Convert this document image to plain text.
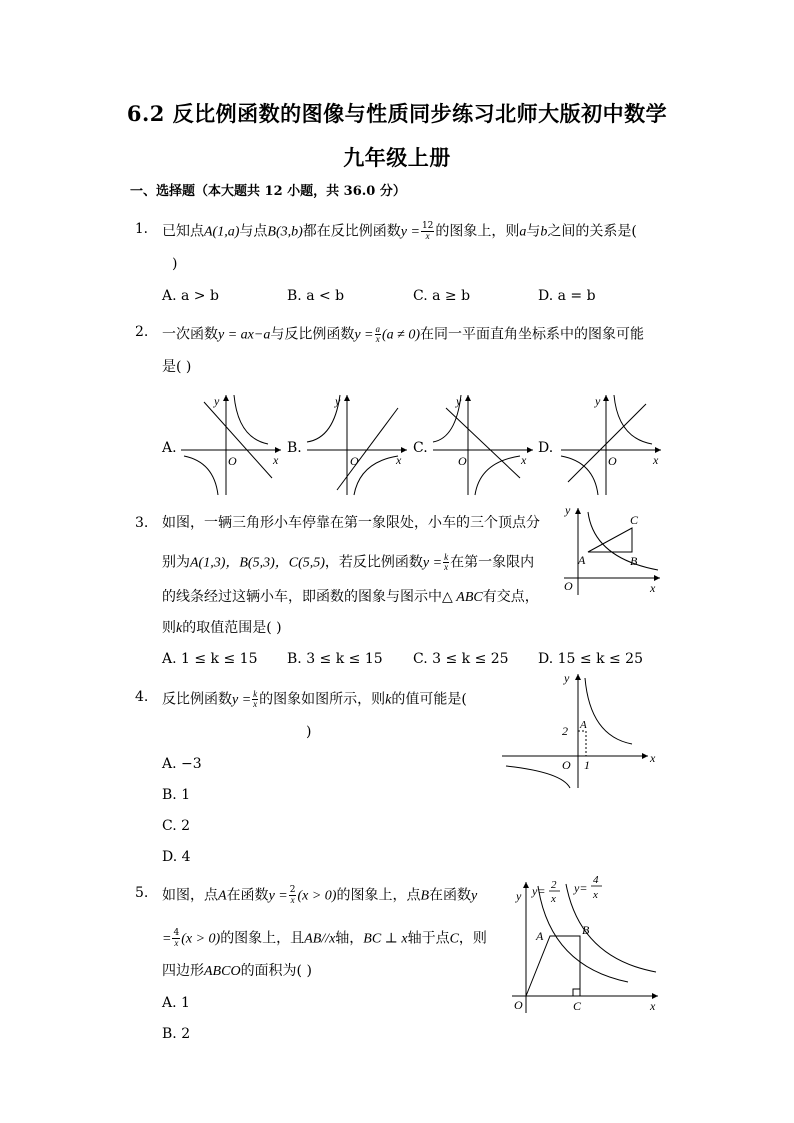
6.2 反比例函数的图像与性质同步练习北师大版初中数学
九年级上册
一、选择题（本大题共 12 小题，共 36.0 分）
1. 已知点A(1,a)与点B(3,b)都在反比例函数$y = \frac{12}{x}$ 的图象上，则a与b之间的关系是(
)
A. a > b	B. a < b	C. a ≥ b	D. a = b
2. 一次函数y = ax−a与反比例函数$y = \frac{a}{x} (a \ne 0)$在同一平面直角坐标系中的图象可能
是( )
A.	B.	C.	D.
y
x
O
y
x
O
y
x
O
y
x
O
3. 如图，一辆三角形小车停靠在第一象限处，小车的三个顶点分
别为A(1,3)，B(5,3)，C(5,5)，若反比例函数$y = \frac{k}{x}$ 在第一象限内
的线条经过这辆小车，即函数的图象与图示中△ ABC有交点，
则k的取值范围是( )
A. 1 ≤ k ≤ 15 B. 3 ≤ k ≤ 15 C. 3 ≤ k ≤ 25 D. 15 ≤ k ≤ 25
y
x
O
A	B
C
4. 反比例函数$y = \frac{k}{x}$ 的图象如图所示，则k的值可能是(
)
A. −3
B. 1
C. 2
D. 4
y
x
O
2
1
A
5. 如图，点A在函数$y = \frac{2}{x} (x > 0)$的图象上，点B在函数y
= $\frac{4}{x} (x > 0)$的图象上，且AB//x轴，BC ⊥ x轴于点C，则
四边形ABCO的面积为( )
A. 1
B. 2
y
x
O
A	B
C
y= 2
x
y=
4
x
